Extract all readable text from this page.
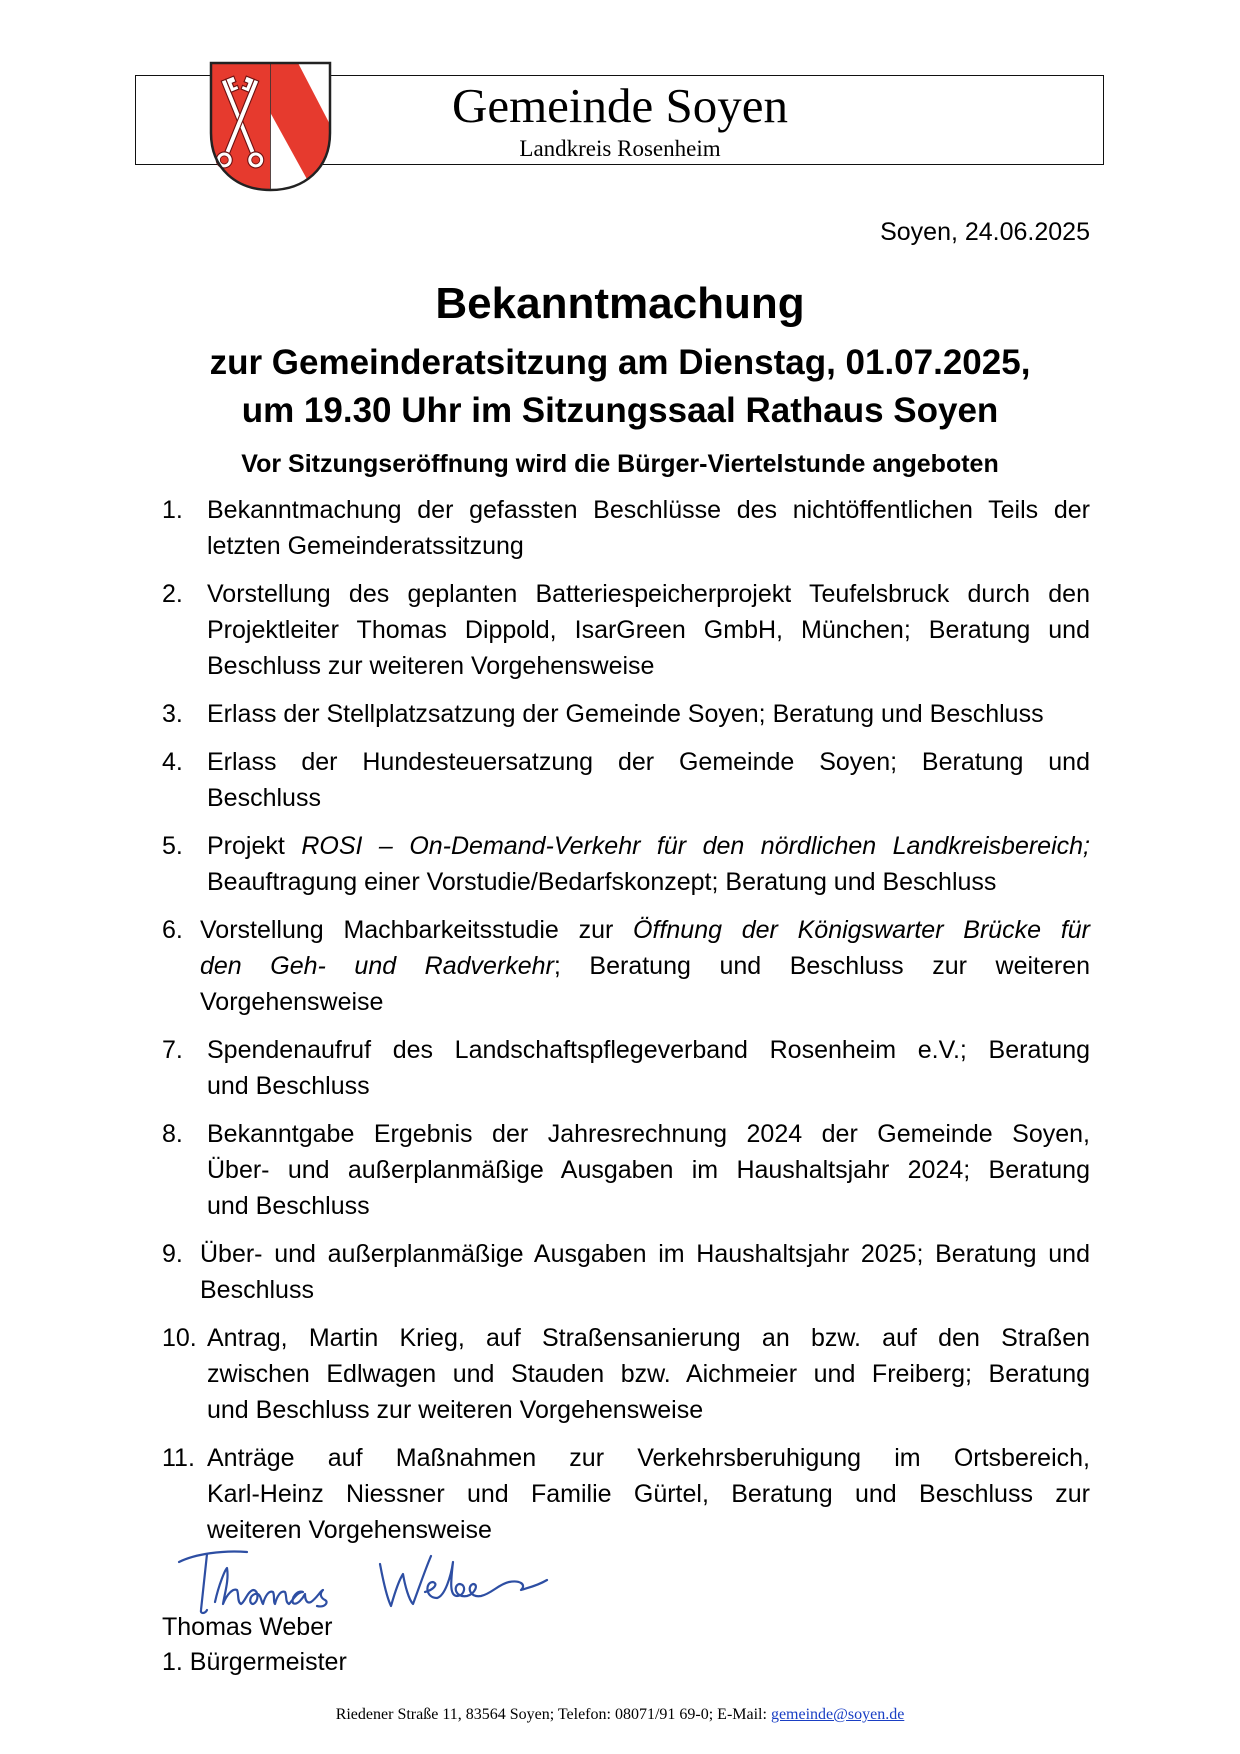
Gemeinde Soyen
Landkreis Rosenheim
Soyen, 24.06.2025
Bekanntmachung
zur Gemeinderatsitzung am Dienstag, 01.07.2025,
um 19.30 Uhr im Sitzungssaal Rathaus Soyen
Vor Sitzungseröffnung wird die Bürger-Viertelstunde angeboten
1. Bekanntmachung der gefassten Beschlüsse des nichtöffentlichen Teils der
letzten Gemeinderatssitzung
2. Vorstellung des geplanten Batteriespeicherprojekt Teufelsbruck durch den
Projektleiter Thomas Dippold, IsarGreen GmbH, München; Beratung und
Beschluss zur weiteren Vorgehensweise
3. Erlass der Stellplatzsatzung der Gemeinde Soyen; Beratung und Beschluss
4. Erlass der Hundesteuersatzung der Gemeinde Soyen; Beratung und
Beschluss
5. Projekt ROSI – On-Demand-Verkehr für den nördlichen Landkreisbereich;
Beauftragung einer Vorstudie/Bedarfskonzept; Beratung und Beschluss
6. Vorstellung Machbarkeitsstudie zur Öffnung der Königswarter Brücke für
den Geh- und Radverkehr; Beratung und Beschluss zur weiteren
Vorgehensweise
7. Spendenaufruf des Landschaftspflegeverband Rosenheim e.V.; Beratung
und Beschluss
8. Bekanntgabe Ergebnis der Jahresrechnung 2024 der Gemeinde Soyen,
Über- und außerplanmäßige Ausgaben im Haushaltsjahr 2024; Beratung
und Beschluss
9. Über- und außerplanmäßige Ausgaben im Haushaltsjahr 2025; Beratung und
Beschluss
10. Antrag, Martin Krieg, auf Straßensanierung an bzw. auf den Straßen
zwischen Edlwagen und Stauden bzw. Aichmeier und Freiberg; Beratung
und Beschluss zur weiteren Vorgehensweise
11. Anträge auf Maßnahmen zur Verkehrsberuhigung im Ortsbereich,
Karl-Heinz Niessner und Familie Gürtel, Beratung und Beschluss zur
weiteren Vorgehensweise
Thomas Weber
1. Bürgermeister
Riedener Straße 11, 83564 Soyen; Telefon: 08071/91 69-0; E-Mail: gemeinde@soyen.de
